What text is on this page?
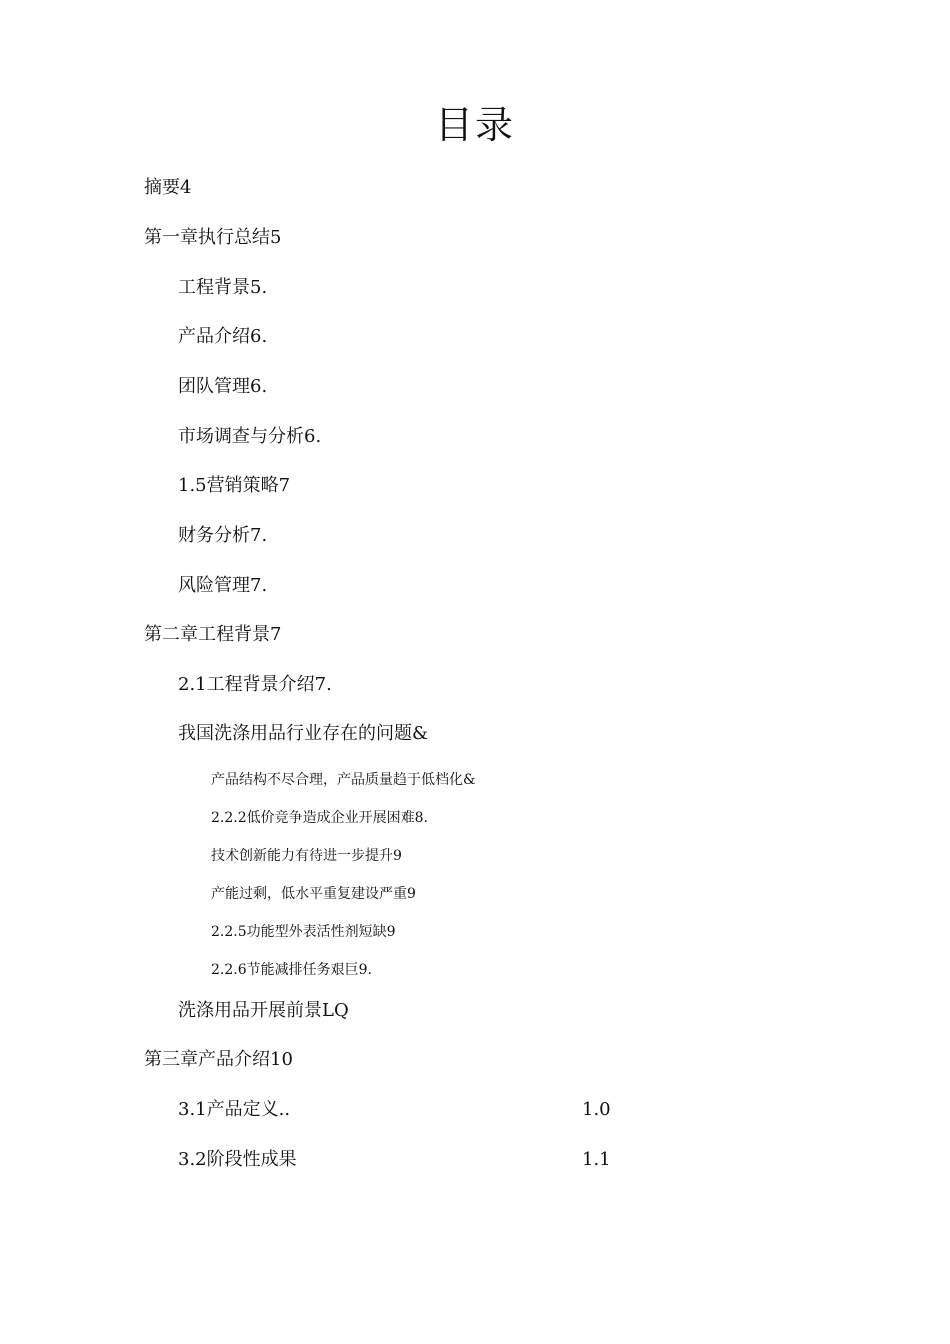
目录
摘要4
第一章执行总结5
工程背景5.
产品介绍6.
团队管理6.
市场调查与分析6.
1.5营销策略7
财务分析7.
风险管理7.
第二章工程背景7
2.1工程背景介绍7.
我国洗涤用品行业存在的问题&
产品结构不尽合理，产品质量趋于低档化&
2.2.2低价竞争造成企业开展困难8.
技术创新能力有待进一步提升9
产能过剩，低水平重复建设严重9
2.2.5功能型外表活性剂短缺9
2.2.6节能减排任务艰巨9.
洗涤用品开展前景LQ
第三章产品介绍10
3.1产品定义..	1.0
3.2阶段性成果	1.1
